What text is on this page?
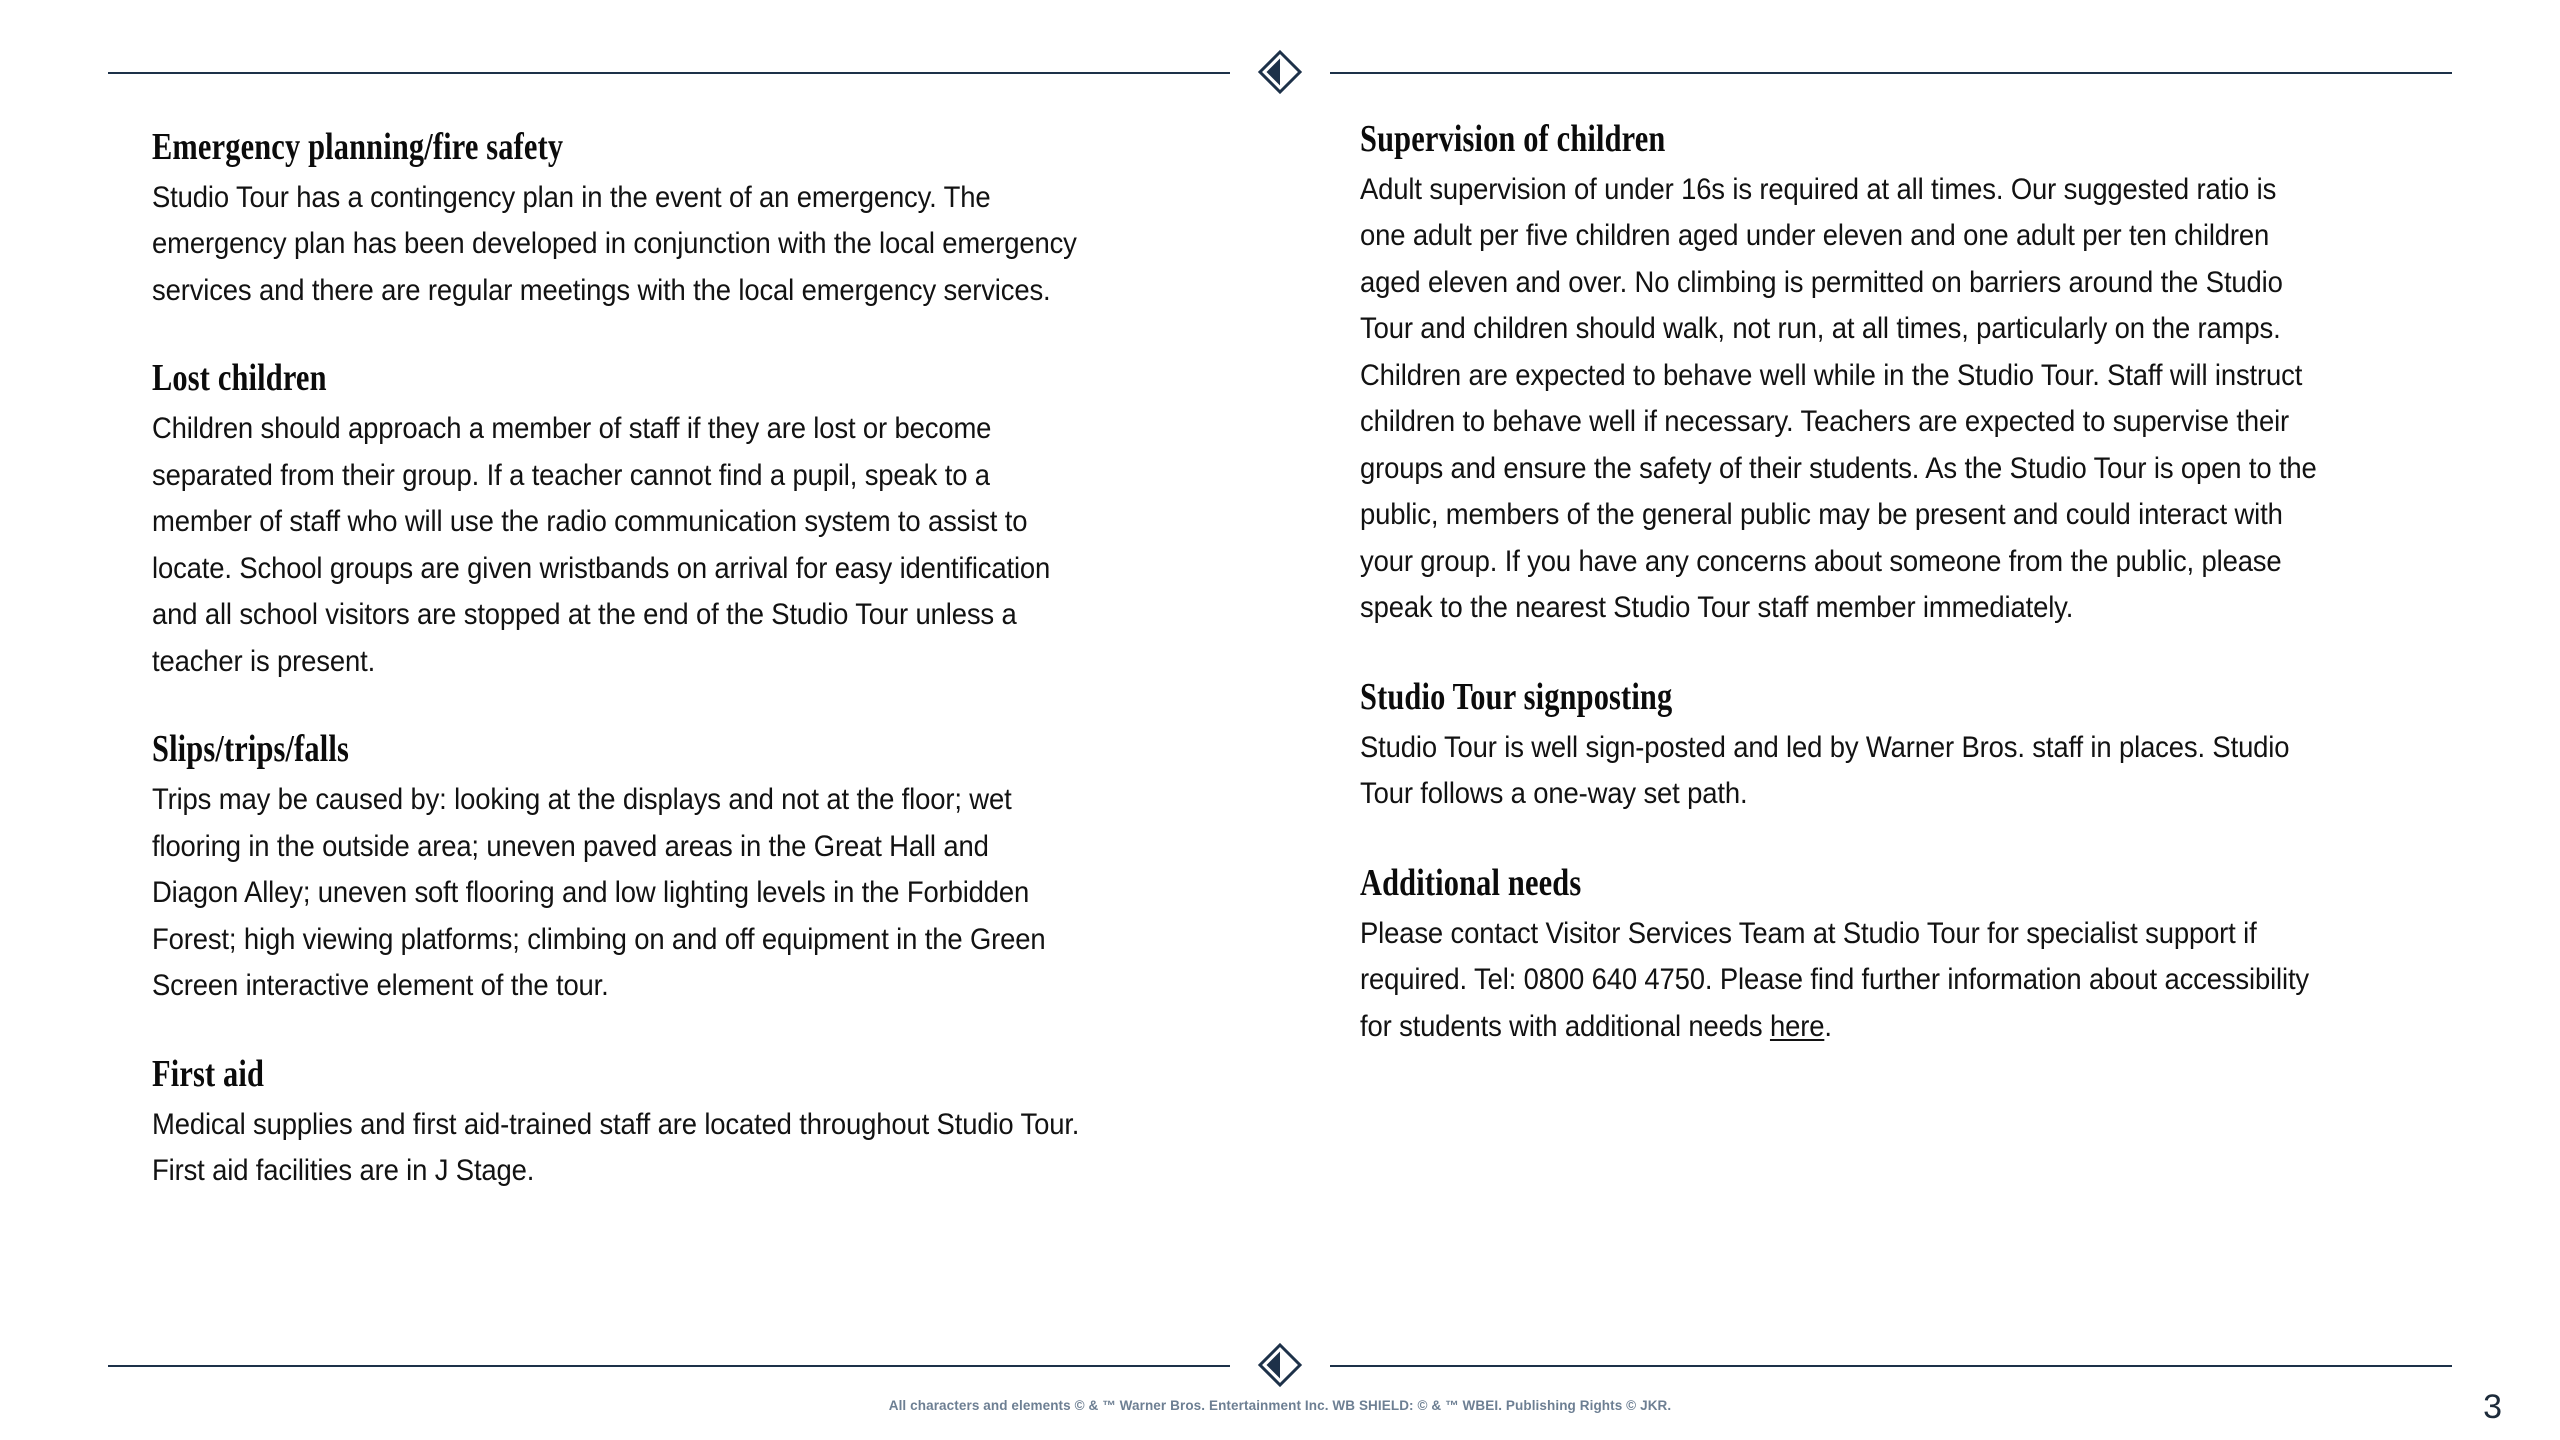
Emergency planning/fire safety

Studio Tour has a contingency plan in the event of an emergency. The emergency plan has been developed in conjunction with the local emergency services and there are regular meetings with the local emergency services.

Lost children

Children should approach a member of staff if they are lost or become separated from their group. If a teacher cannot find a pupil, speak to a member of staff who will use the radio communication system to assist to locate. School groups are given wristbands on arrival for easy identification and all school visitors are stopped at the end of the Studio Tour unless a teacher is present.

Slips/trips/falls

Trips may be caused by: looking at the displays and not at the floor; wet flooring in the outside area; uneven paved areas in the Great Hall and Diagon Alley; uneven soft flooring and low lighting levels in the Forbidden Forest; high viewing platforms; climbing on and off equipment in the Green Screen interactive element of the tour.

First aid

Medical supplies and first aid-trained staff are located throughout Studio Tour. First aid facilities are in J Stage.

Supervision of children

Adult supervision of under 16s is required at all times. Our suggested ratio is one adult per five children aged under eleven and one adult per ten children aged eleven and over. No climbing is permitted on barriers around the Studio Tour and children should walk, not run, at all times, particularly on the ramps. Children are expected to behave well while in the Studio Tour. Staff will instruct children to behave well if necessary. Teachers are expected to supervise their groups and ensure the safety of their students. As the Studio Tour is open to the public, members of the general public may be present and could interact with your group. If you have any concerns about someone from the public, please speak to the nearest Studio Tour staff member immediately.

Studio Tour signposting

Studio Tour is well sign-posted and led by Warner Bros. staff in places. Studio Tour follows a one-way set path.

Additional needs

Please contact Visitor Services Team at Studio Tour for specialist support if required. Tel: 0800 640 4750. Please find further information about accessibility for students with additional needs here.

All characters and elements © & ™ Warner Bros. Entertainment Inc. WB SHIELD: © & ™ WBEI. Publishing Rights © JKR.	3
